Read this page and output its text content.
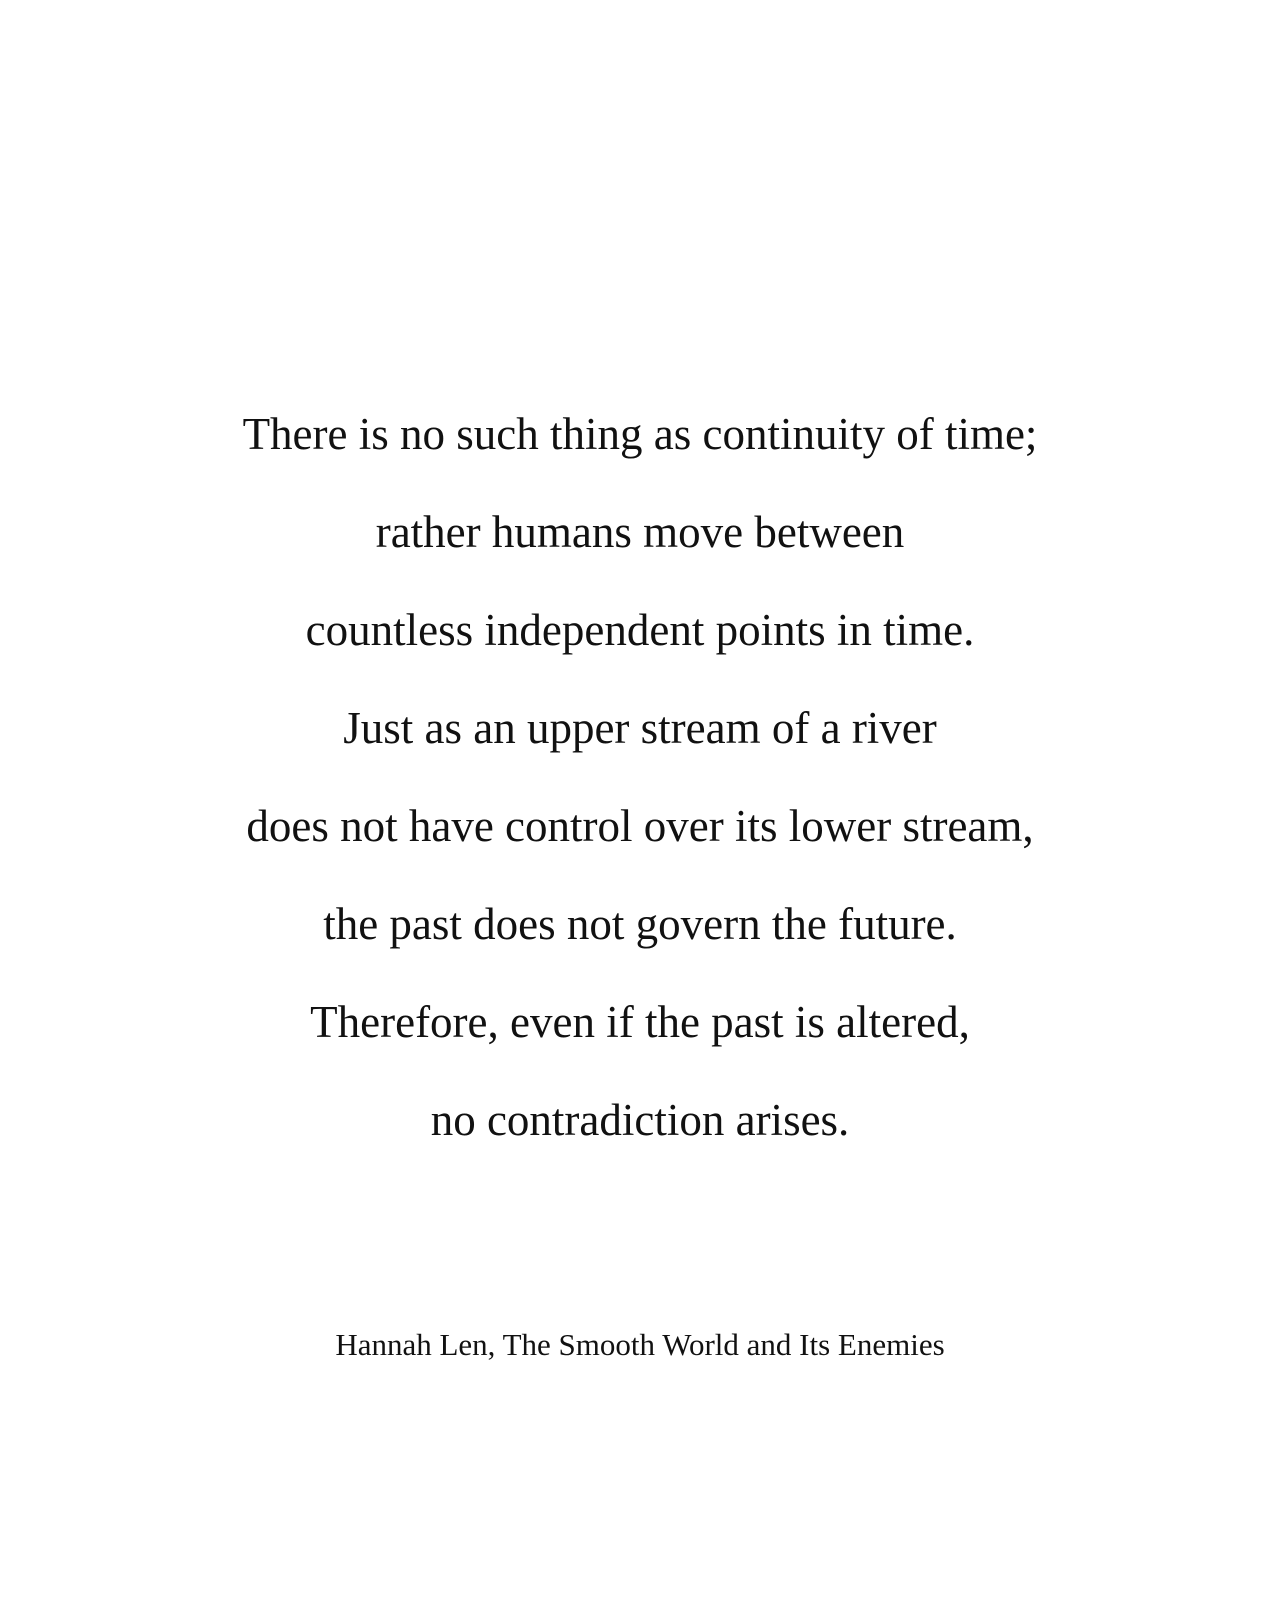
There is no such thing as continuity of time;
rather humans move between
countless independent points in time.
Just as an upper stream of a river
does not have control over its lower stream,
the past does not govern the future.
Therefore, even if the past is altered,
no contradiction arises.
Hannah Len, The Smooth World and Its Enemies
